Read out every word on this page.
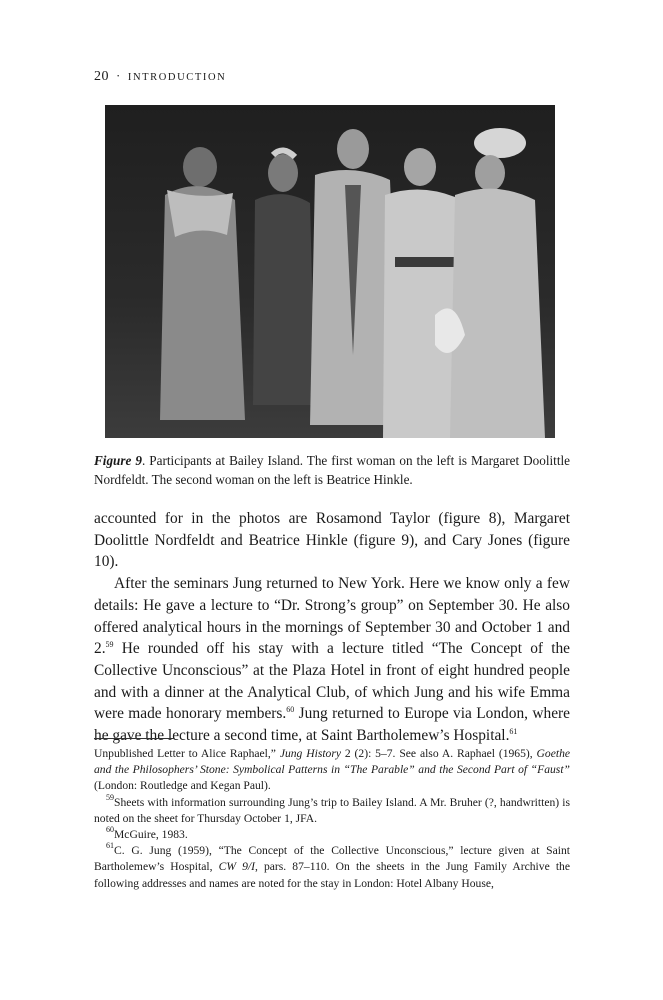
20 · INTRODUCTION
Figure 9. Participants at Bailey Island. The first woman on the left is Margaret Doolittle Nordfeldt. The second woman on the left is Beatrice Hinkle.

accounted for in the photos are Rosamond Taylor (figure 8), Margaret Doolittle Nordfeldt and Beatrice Hinkle (figure 9), and Cary Jones (figure 10).

After the seminars Jung returned to New York. Here we know only a few details: He gave a lecture to “Dr. Strong’s group” on September 30. He also offered analytical hours in the mornings of September 30 and October 1 and 2.59 He rounded off his stay with a lecture titled “The Concept of the Collective Unconscious” at the Plaza Hotel in front of eight hundred people and with a dinner at the Analytical Club, of which Jung and his wife Emma were made honorary members.$^{60}$ Jung returned to Europe via London, where he gave the lecture a second time, at Saint Bartholemew’s Hospital.$^{61}$

Unpublished Letter to Alice Raphael,” Jung History 2 (2): 5–7. See also A. Raphael (1965), Goethe and the Philosophers’ Stone: Symbolical Patterns in “The Parable” and the Second Part of “Faust” (London: Routledge and Kegan Paul).

$^{59}$Sheets with information surrounding Jung’s trip to Bailey Island. A Mr. Bruher (?, handwritten) is noted on the sheet for Thursday October 1, JFA.

$^{60}$McGuire, 1983.

$^{61}$C. G. Jung (1959), “The Concept of the Collective Unconscious,” lecture given at Saint Bartholemew’s Hospital, CW 9/I, pars. 87–110. On the sheets in the Jung Family Archive the following addresses and names are noted for the stay in London: Hotel Albany House,
